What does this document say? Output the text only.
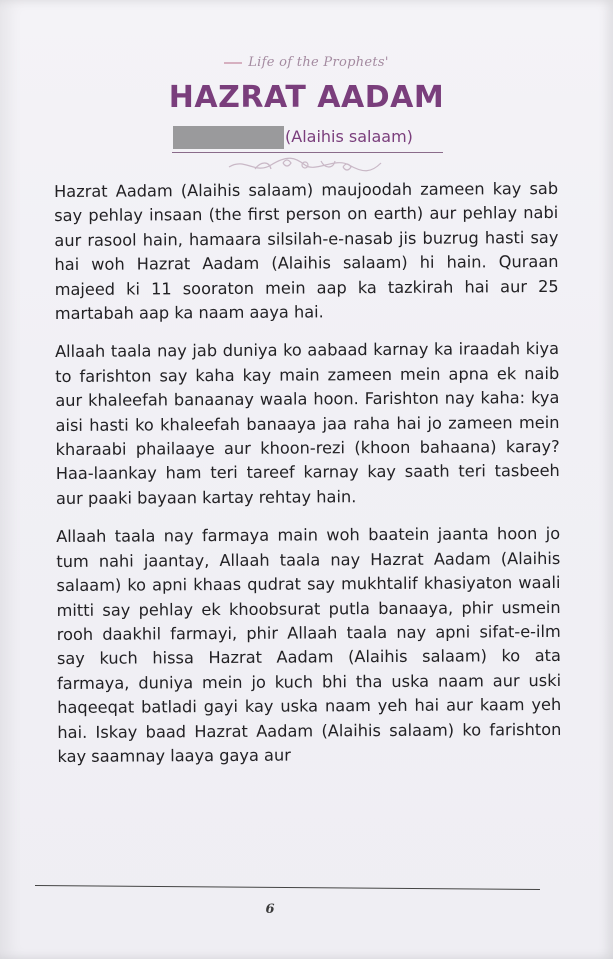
Life of the Prophets'
HAZRAT AADAM
(Alaihis salaam)

Hazrat Aadam (Alaihis salaam) maujoodah zameen kay sab say pehlay insaan (the first person on earth) aur pehlay nabi aur rasool hain, hamaara silsilah-e-nasab jis buzrug hasti say hai woh Hazrat Aadam (Alaihis salaam) hi hain. Quraan majeed ki 11 sooraton mein aap ka tazkirah hai aur 25 martabah aap ka naam aaya hai.

Allaah taala nay jab duniya ko aabaad karnay ka iraadah kiya to farishton say kaha kay main zameen mein apna ek naib aur khaleefah banaanay waala hoon. Farishton nay kaha: kya aisi hasti ko khaleefah banaaya jaa raha hai jo zameen mein kharaabi phailaaye aur khoon-rezi (khoon bahaana) karay? Haa-laankay ham teri tareef karnay kay saath teri tasbeeh aur paaki bayaan kartay rehtay hain.

Allaah taala nay farmaya main woh baatein jaanta hoon jo tum nahi jaantay, Allaah taala nay Hazrat Aadam (Alaihis salaam) ko apni khaas qudrat say mukhtalif khasiyaton waali mitti say pehlay ek khoobsurat putla banaaya, phir usmein rooh daakhil farmayi, phir Allaah taala nay apni sifat-e-ilm say kuch hissa Hazrat Aadam (Alaihis salaam) ko ata farmaya, duniya mein jo kuch bhi tha uska naam aur uski haqeeqat batladi gayi kay uska naam yeh hai aur kaam yeh hai. Iskay baad Hazrat Aadam (Alaihis salaam) ko farishton kay saamnay laaya gaya aur

6
